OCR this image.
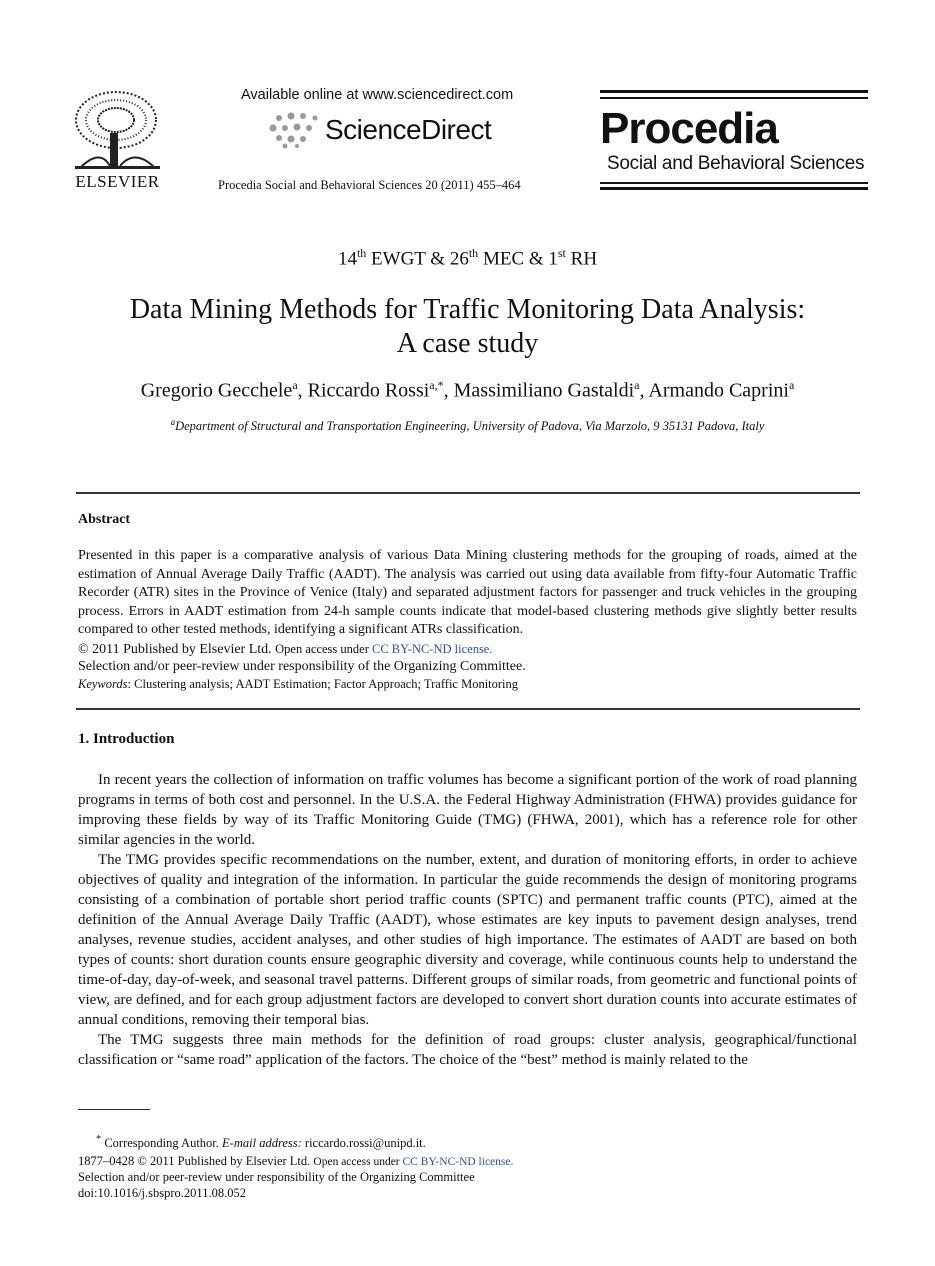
ELSEVIER
Available online at www.sciencedirect.com
ScienceDirect
Procedia Social and Behavioral Sciences 20 (2011) 455–464
Procedia
Social and Behavioral Sciences
14th EWGT & 26th MEC & 1st RH
Data Mining Methods for Traffic Monitoring Data Analysis:
A case study
Gregorio Gecchele$^a$, Riccardo Rossi$^{a,*}$, Massimiliano Gastaldi$^a$, Armando Caprini$^a$
$^a$Department of Structural and Transportation Engineering, University of Padova, Via Marzolo, 9 35131 Padova, Italy
Abstract

Presented in this paper is a comparative analysis of various Data Mining clustering methods for the grouping of roads, aimed at the estimation of Annual Average Daily Traffic (AADT). The analysis was carried out using data available from fifty-four Automatic Traffic Recorder (ATR) sites in the Province of Venice (Italy) and separated adjustment factors for passenger and truck vehicles in the grouping process. Errors in AADT estimation from 24-h sample counts indicate that model-based clustering methods give slightly better results compared to other tested methods, identifying a significant ATRs classification.

© 2011 Published by Elsevier Ltd. Open access under CC BY-NC-ND license.
Selection and/or peer-review under responsibility of the Organizing Committee.
Keywords: Clustering analysis; AADT Estimation; Factor Approach; Traffic Monitoring
1. Introduction

In recent years the collection of information on traffic volumes has become a significant portion of the work of road planning programs in terms of both cost and personnel. In the U.S.A. the Federal Highway Administration (FHWA) provides guidance for improving these fields by way of its Traffic Monitoring Guide (TMG) (FHWA, 2001), which has a reference role for other similar agencies in the world.

The TMG provides specific recommendations on the number, extent, and duration of monitoring efforts, in order to achieve objectives of quality and integration of the information. In particular the guide recommends the design of monitoring programs consisting of a combination of portable short period traffic counts (SPTC) and permanent traffic counts (PTC), aimed at the definition of the Annual Average Daily Traffic (AADT), whose estimates are key inputs to pavement design analyses, trend analyses, revenue studies, accident analyses, and other studies of high importance. The estimates of AADT are based on both types of counts: short duration counts ensure geographic diversity and coverage, while continuous counts help to understand the time-of-day, day-of-week, and seasonal travel patterns. Different groups of similar roads, from geometric and functional points of view, are defined, and for each group adjustment factors are developed to convert short duration counts into accurate estimates of annual conditions, removing their temporal bias.

The TMG suggests three main methods for the definition of road groups: cluster analysis, geographical/functional classification or “same road” application of the factors. The choice of the “best” method is mainly related to the

* Corresponding Author. E-mail address: riccardo.rossi@unipd.it.
1877–0428 © 2011 Published by Elsevier Ltd. Open access under CC BY-NC-ND license.
Selection and/or peer-review under responsibility of the Organizing Committee
doi:10.1016/j.sbspro.2011.08.052
